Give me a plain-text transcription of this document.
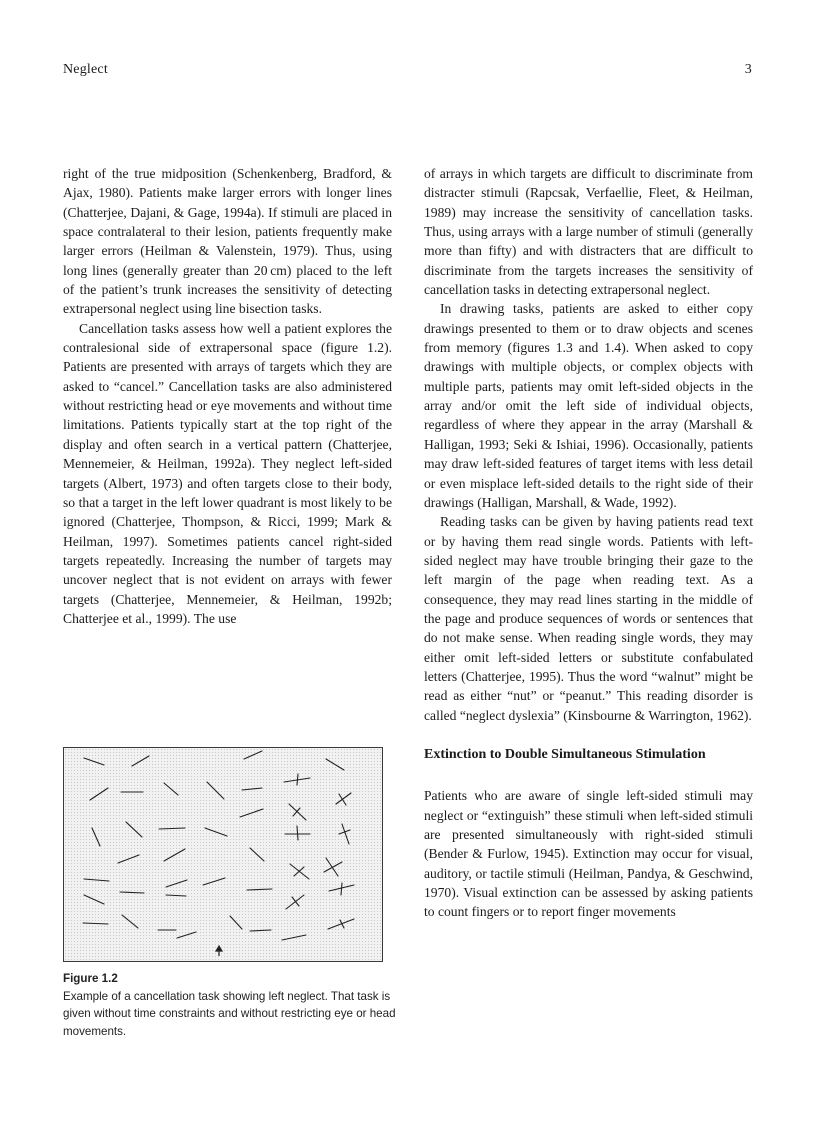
Neglect	3

right of the true midposition (Schenkenberg, Bradford, & Ajax, 1980). Patients make larger errors with longer lines (Chatterjee, Dajani, & Gage, 1994a). If stimuli are placed in space contralateral to their lesion, patients frequently make larger errors (Heilman & Valenstein, 1979). Thus, using long lines (generally greater than 20 cm) placed to the left of the patient’s trunk increases the sensitivity of detecting extrapersonal neglect using line bisection tasks.

Cancellation tasks assess how well a patient explores the contralesional side of extrapersonal space (figure 1.2). Patients are presented with arrays of targets which they are asked to “cancel.” Cancellation tasks are also administered without restricting head or eye movements and without time limitations. Patients typically start at the top right of the display and often search in a vertical pattern (Chatterjee, Mennemeier, & Heilman, 1992a). They neglect left-sided targets (Albert, 1973) and often targets close to their body, so that a target in the left lower quadrant is most likely to be ignored (Chatterjee, Thompson, & Ricci, 1999; Mark & Heilman, 1997). Sometimes patients cancel right-sided targets repeatedly. Increasing the number of targets may uncover neglect that is not evident on arrays with fewer targets (Chatterjee, Mennemeier, & Heilman, 1992b; Chatterjee et al., 1999). The use

Figure 1.2
Example of a cancellation task showing left neglect. That task is given without time constraints and without restricting eye or head movements.

of arrays in which targets are difficult to discriminate from distracter stimuli (Rapcsak, Verfaellie, Fleet, & Heilman, 1989) may increase the sensitivity of cancellation tasks. Thus, using arrays with a large number of stimuli (generally more than fifty) and with distracters that are difficult to discriminate from the targets increases the sensitivity of cancellation tasks in detecting extrapersonal neglect.

In drawing tasks, patients are asked to either copy drawings presented to them or to draw objects and scenes from memory (figures 1.3 and 1.4). When asked to copy drawings with multiple objects, or complex objects with multiple parts, patients may omit left-sided objects in the array and/or omit the left side of individual objects, regardless of where they appear in the array (Marshall & Halligan, 1993; Seki & Ishiai, 1996). Occasionally, patients may draw left-sided features of target items with less detail or even misplace left-sided details to the right side of their drawings (Halligan, Marshall, & Wade, 1992).

Reading tasks can be given by having patients read text or by having them read single words. Patients with left-sided neglect may have trouble bringing their gaze to the left margin of the page when reading text. As a consequence, they may read lines starting in the middle of the page and produce sequences of words or sentences that do not make sense. When reading single words, they may either omit left-sided letters or substitute confabulated letters (Chatterjee, 1995). Thus the word “walnut” might be read as either “nut” or “peanut.” This reading disorder is called “neglect dyslexia” (Kinsbourne & Warrington, 1962).

Extinction to Double Simultaneous Stimulation

Patients who are aware of single left-sided stimuli may neglect or “extinguish” these stimuli when left-sided stimuli are presented simultaneously with right-sided stimuli (Bender & Furlow, 1945). Extinction may occur for visual, auditory, or tactile stimuli (Heilman, Pandya, & Geschwind, 1970). Visual extinction can be assessed by asking patients to count fingers or to report finger movements
